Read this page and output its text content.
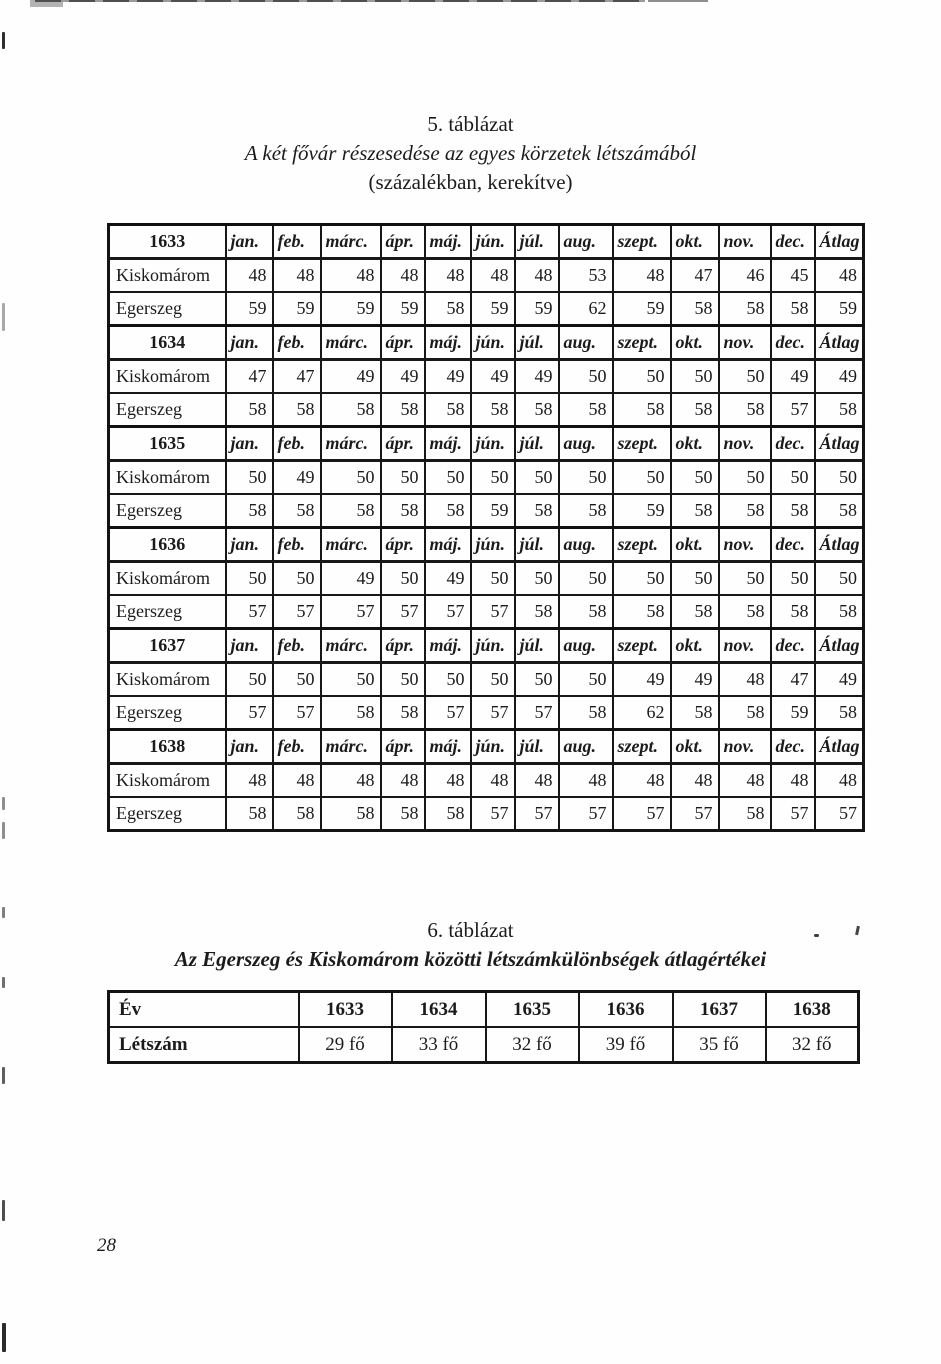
5. táblázat
A két fővár részesedése az egyes körzetek létszámából
(százalékban, kerekítve)
1633	jan.	feb.	márc.	ápr.	máj.	jún.	júl.	aug.	szept.	okt.	nov.	dec.	Átlag
Kiskomárom	48	48	48	48	48	48	48	53	48	47	46	45	48
Egerszeg	59	59	59	59	58	59	59	62	59	58	58	58	59
1634	jan.	feb.	márc.	ápr.	máj.	jún.	júl.	aug.	szept.	okt.	nov.	dec.	Átlag
Kiskomárom	47	47	49	49	49	49	49	50	50	50	50	49	49
Egerszeg	58	58	58	58	58	58	58	58	58	58	58	57	58
1635	jan.	feb.	márc.	ápr.	máj.	jún.	júl.	aug.	szept.	okt.	nov.	dec.	Átlag
Kiskomárom	50	49	50	50	50	50	50	50	50	50	50	50	50
Egerszeg	58	58	58	58	58	59	58	58	59	58	58	58	58
1636	jan.	feb.	márc.	ápr.	máj.	jún.	júl.	aug.	szept.	okt.	nov.	dec.	Átlag
Kiskomárom	50	50	49	50	49	50	50	50	50	50	50	50	50
Egerszeg	57	57	57	57	57	57	58	58	58	58	58	58	58
1637	jan.	feb.	márc.	ápr.	máj.	jún.	júl.	aug.	szept.	okt.	nov.	dec.	Átlag
Kiskomárom	50	50	50	50	50	50	50	50	49	49	48	47	49
Egerszeg	57	57	58	58	57	57	57	58	62	58	58	59	58
1638	jan.	feb.	márc.	ápr.	máj.	jún.	júl.	aug.	szept.	okt.	nov.	dec.	Átlag
Kiskomárom	48	48	48	48	48	48	48	48	48	48	48	48	48
Egerszeg	58	58	58	58	58	57	57	57	57	57	58	57	57
6. táblázat
Az Egerszeg és Kiskomárom közötti létszámkülönbségek átlagértékei
Év	1633	1634	1635	1636	1637	1638
Létszám	29 fő	33 fő	32 fő	39 fő	35 fő	32 fő
28
